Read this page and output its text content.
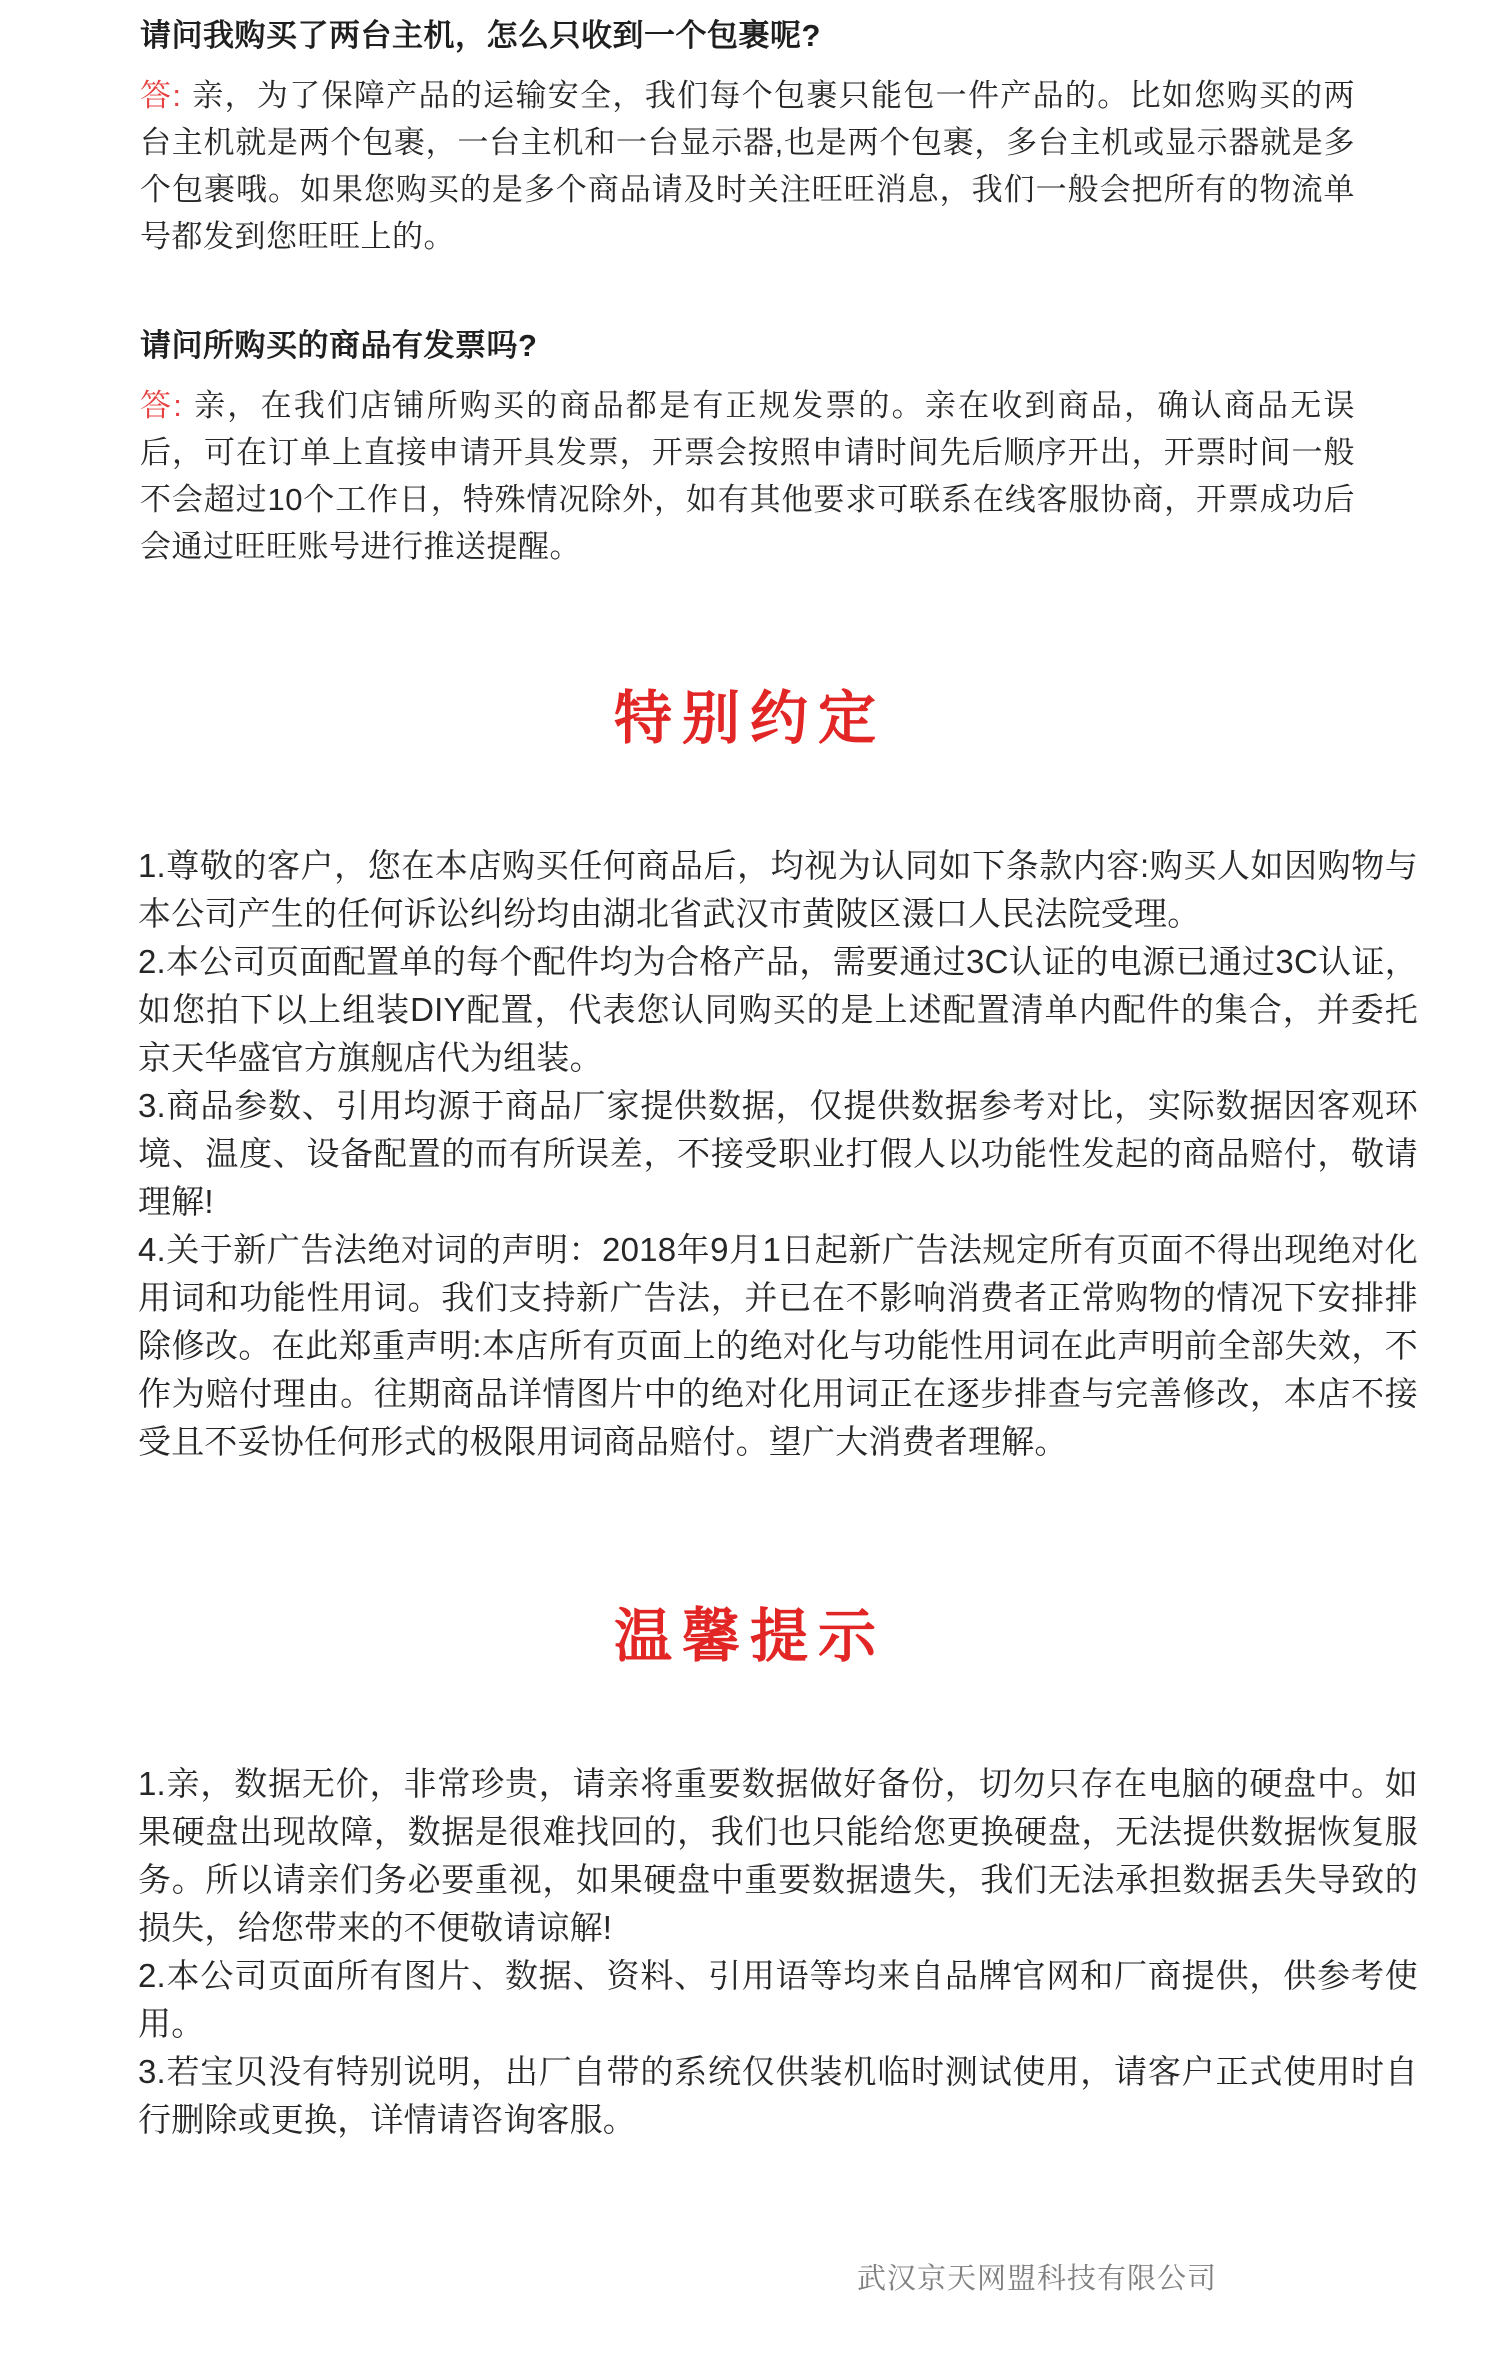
请问我购买了两台主机，怎么只收到一个包裹呢?

答: 亲，为了保障产品的运输安全，我们每个包裹只能包一件产品的。比如您购买的两台主机就是两个包裹，一台主机和一台显示器,也是两个包裹，多台主机或显示器就是多个包裹哦。如果您购买的是多个商品请及时关注旺旺消息，我们一般会把所有的物流单号都发到您旺旺上的。

请问所购买的商品有发票吗?

答: 亲，在我们店铺所购买的商品都是有正规发票的。亲在收到商品，确认商品无误后，可在订单上直接申请开具发票，开票会按照申请时间先后顺序开出，开票时间一般不会超过10个工作日，特殊情况除外，如有其他要求可联系在线客服协商，开票成功后会通过旺旺账号进行推送提醒。

特别约定

1.尊敬的客户，您在本店购买任何商品后，均视为认同如下条款内容:购买人如因购物与本公司产生的任何诉讼纠纷均由湖北省武汉市黄陂区滠口人民法院受理。

2.本公司页面配置单的每个配件均为合格产品，需要通过3C认证的电源已通过3C认证，如您拍下以上组装DIY配置，代表您认同购买的是上述配置清单内配件的集合，并委托京天华盛官方旗舰店代为组装。

3.商品参数、引用均源于商品厂家提供数据，仅提供数据参考对比，实际数据因客观环境、温度、设备配置的而有所误差，不接受职业打假人以功能性发起的商品赔付，敬请理解!

4.关于新广告法绝对词的声明：2018年9月1日起新广告法规定所有页面不得出现绝对化用词和功能性用词。我们支持新广告法，并已在不影响消费者正常购物的情况下安排排除修改。在此郑重声明:本店所有页面上的绝对化与功能性用词在此声明前全部失效，不作为赔付理由。往期商品详情图片中的绝对化用词正在逐步排查与完善修改，本店不接受且不妥协任何形式的极限用词商品赔付。望广大消费者理解。

温馨提示

1.亲，数据无价，非常珍贵，请亲将重要数据做好备份，切勿只存在电脑的硬盘中。如果硬盘出现故障，数据是很难找回的，我们也只能给您更换硬盘，无法提供数据恢复服务。所以请亲们务必要重视，如果硬盘中重要数据遗失，我们无法承担数据丢失导致的损失，给您带来的不便敬请谅解!

2.本公司页面所有图片、数据、资料、引用语等均来自品牌官网和厂商提供，供参考使用。

3.若宝贝没有特别说明，出厂自带的系统仅供装机临时测试使用，请客户正式使用时自行删除或更换，详情请咨询客服。

武汉京天网盟科技有限公司
